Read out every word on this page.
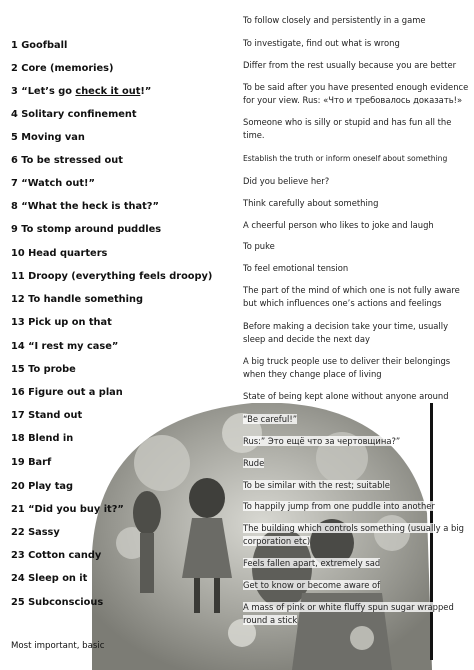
1 Goofball
2 Core (memories)
3 “Let’s go check it out!”
4 Solitary confinement
5 Moving van
6 To be stressed out
7 “Watch out!”
8 “What the heck is that?”
9 To stomp around puddles
10 Head quarters
11 Droopy (everything feels droopy)
12 To handle something
13 Pick up on that
14 “I rest my case”
15 To probe
16 Figure out a plan
17 Stand out
18 Blend in
19 Barf
20 Play tag
21 “Did you buy it?”
22 Sassy
23 Cotton candy
24 Sleep on it
25 Subconscious
Most important, basic
To follow closely and persistently in a game
To investigate, find out what is wrong
Differ from the rest usually because you are better
To be said after you have presented enough evidence for your view. Rus: «Что и требовалось доказать!»
Someone who is silly or stupid and has fun all the time.
Establish the truth or inform oneself about something
Did you believe her?
Think carefully about something
A cheerful person who likes to joke and laugh
To puke
To feel emotional tension
The part of the mind of which one is not fully aware but which influences one’s actions and feelings
Before making a decision take your time, usually sleep and decide the next day
A big truck people use to deliver their belongings when they change place of living
State of being kept alone without anyone around
“Be careful!”
Rus:” Это ещё что за чертовщина?”
Rude
To be similar with the rest; suitable
To happily jump from one puddle into another
The building which controls something (usually a big corporation etc)
Feels fallen apart, extremely sad
Get to know or become aware of
A mass of pink or white fluffy spun sugar wrapped round a stick
